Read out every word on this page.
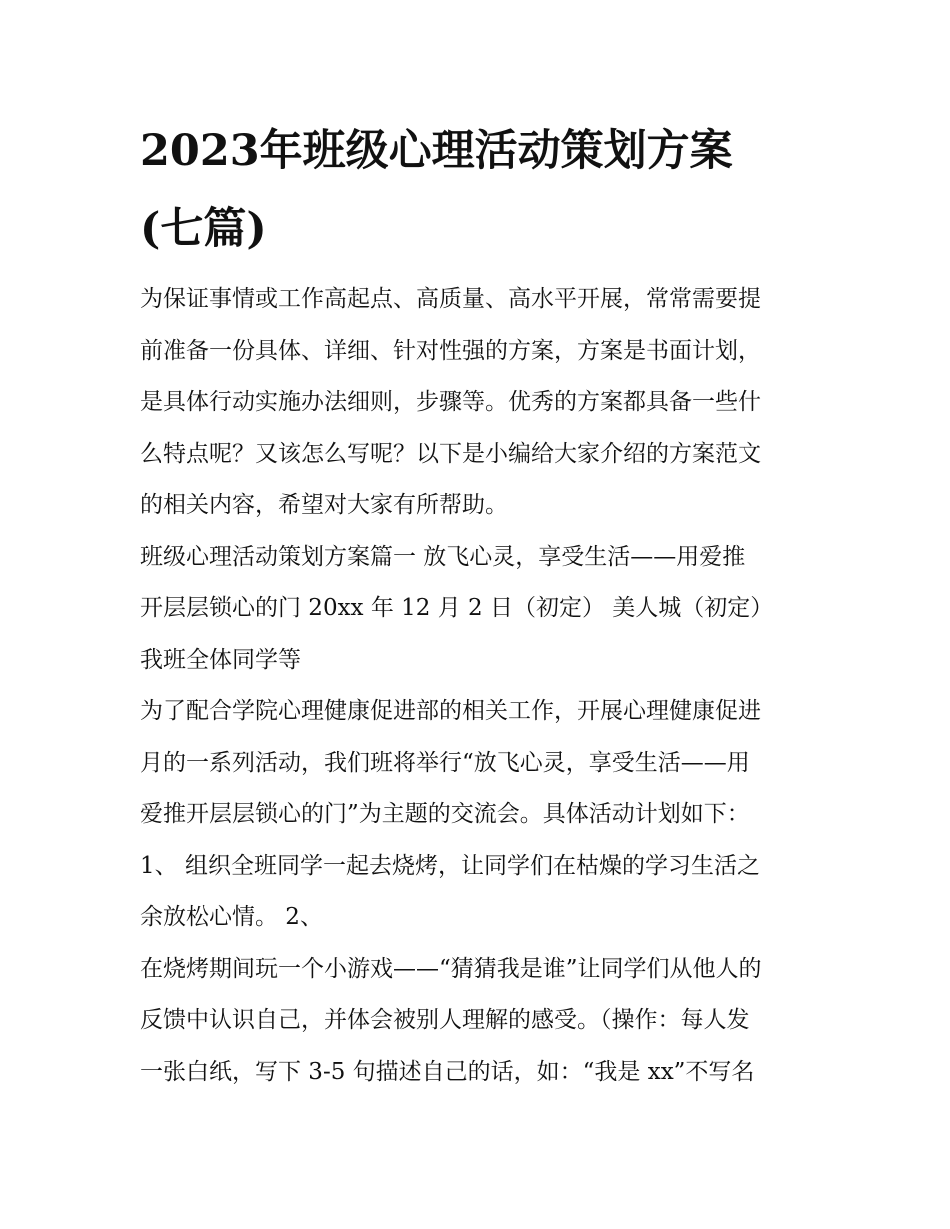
2023年班级心理活动策划方案
(七篇)

为保证事情或工作高起点、高质量、高水平开展，常常需要提

前准备一份具体、详细、针对性强的方案，方案是书面计划，

是具体行动实施办法细则，步骤等。优秀的方案都具备一些什

么特点呢？又该怎么写呢？以下是小编给大家介绍的方案范文

的相关内容，希望对大家有所帮助。

班级心理活动策划方案篇一 放飞心灵，享受生活——用爱推

开层层锁心的门 20xx 年 12 月 2 日（初定） 美人城（初定）

我班全体同学等

为了配合学院心理健康促进部的相关工作，开展心理健康促进

月的一系列活动，我们班将举行“放飞心灵，享受生活——用

爱推开层层锁心的门”为主题的交流会。具体活动计划如下：

1、 组织全班同学一起去烧烤，让同学们在枯燥的学习生活之

余放松心情。 2、

在烧烤期间玩一个小游戏——“猜猜我是谁”让同学们从他人的

反馈中认识自己，并体会被别人理解的感受。（操作：每人发

一张白纸，写下 3-5 句描述自己的话，如：“我是 xx”不写名
